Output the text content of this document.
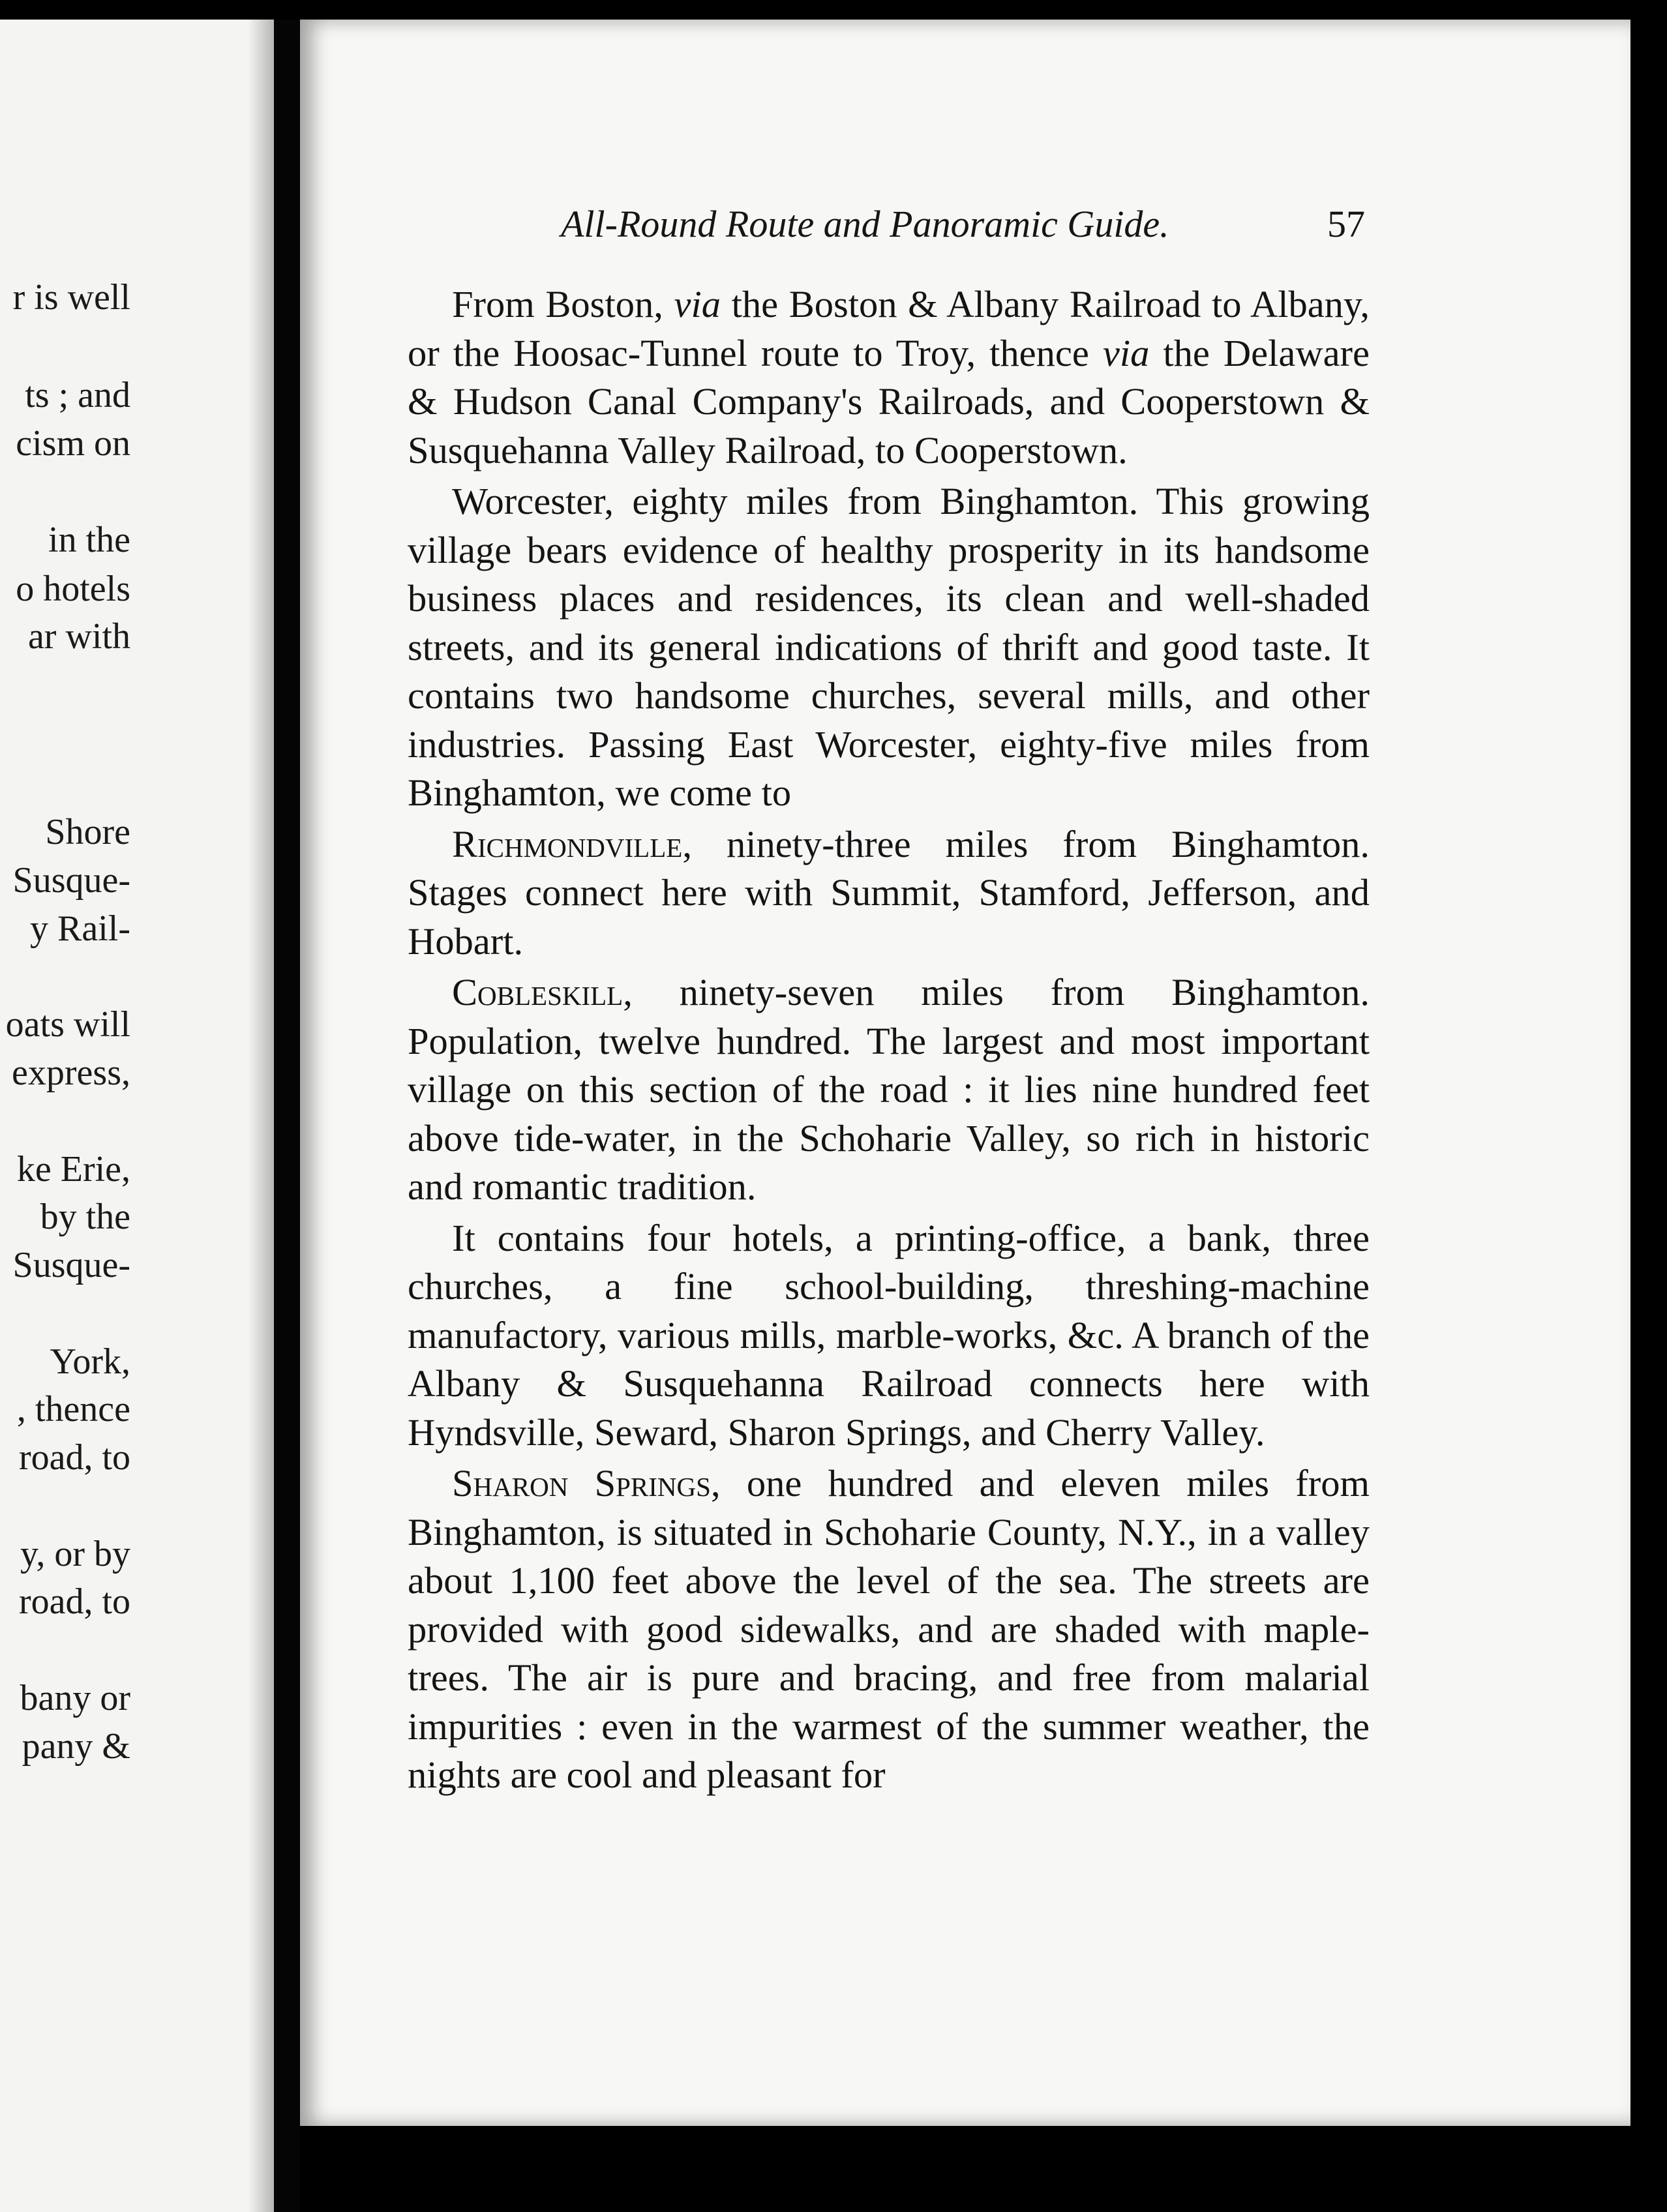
r is well
ts ; and
cism on
in the
o hotels
ar with
Shore
Susque-
y Rail-
oats will
express,
ke Erie,
by the
Susque-
York,
, thence
road, to
y, or by
road, to
bany or
pany &
All-Round Route and Panoramic Guide.	57

From Boston, via the Boston & Albany Railroad to Albany, or the Hoosac-Tunnel route to Troy, thence via the Delaware & Hudson Canal Company's Railroads, and Cooperstown & Susquehanna Valley Railroad, to Cooperstown.

Worcester, eighty miles from Binghamton. This growing village bears evidence of healthy prosperity in its handsome business places and residences, its clean and well-shaded streets, and its general indications of thrift and good taste. It contains two handsome churches, several mills, and other industries. Passing East Worcester, eighty-five miles from Binghamton, we come to

Richmondville, ninety-three miles from Binghamton. Stages connect here with Summit, Stamford, Jefferson, and Hobart.

Cobleskill, ninety-seven miles from Binghamton. Population, twelve hundred. The largest and most important village on this section of the road : it lies nine hundred feet above tide-water, in the Schoharie Valley, so rich in historic and romantic tradition.

It contains four hotels, a printing-office, a bank, three churches, a fine school-building, threshing-machine manufactory, various mills, marble-works, &c. A branch of the Albany & Susquehanna Railroad connects here with Hyndsville, Seward, Sharon Springs, and Cherry Valley.

Sharon Springs, one hundred and eleven miles from Binghamton, is situated in Schoharie County, N.Y., in a valley about 1,100 feet above the level of the sea. The streets are provided with good sidewalks, and are shaded with maple-trees. The air is pure and bracing, and free from malarial impurities : even in the warmest of the summer weather, the nights are cool and pleasant for
